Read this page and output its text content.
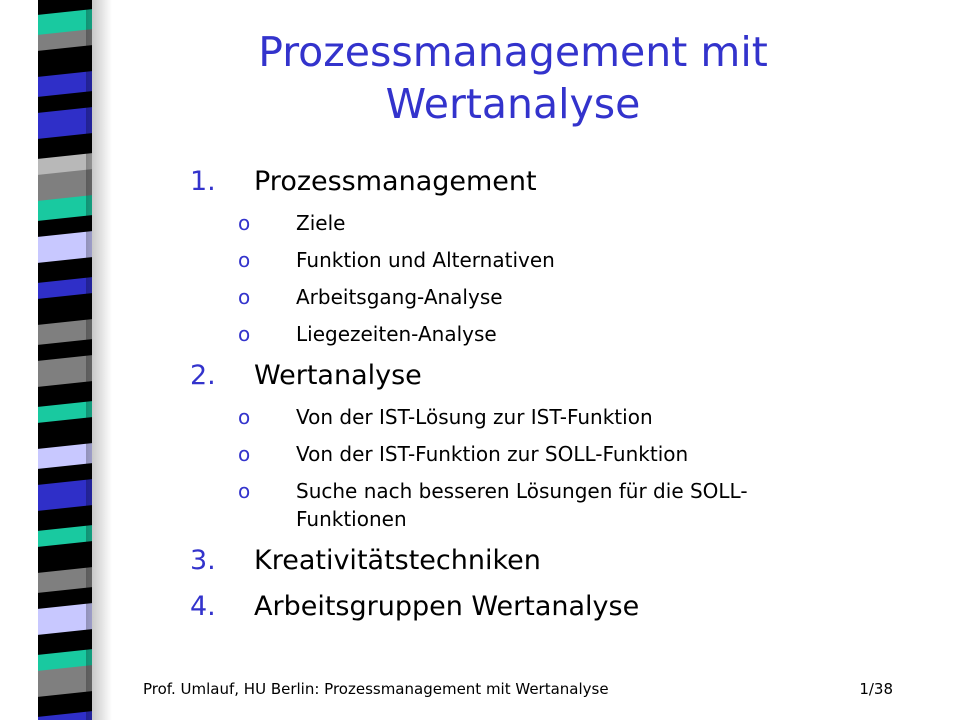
Prozessmanagement mit Wertanalyse
1.	Prozessmanagement
o	Ziele
o	Funktion und Alternativen
o	Arbeitsgang-Analyse
o	Liegezeiten-Analyse
2.	Wertanalyse
o	Von der IST-Lösung zur IST-Funktion
o	Von der IST-Funktion zur SOLL-Funktion
o	Suche nach besseren Lösungen für die SOLL-Funktionen
3.	Kreativitätstechniken
4.	Arbeitsgruppen Wertanalyse
Prof. Umlauf, HU Berlin: Prozessmanagement mit Wertanalyse	1/38
